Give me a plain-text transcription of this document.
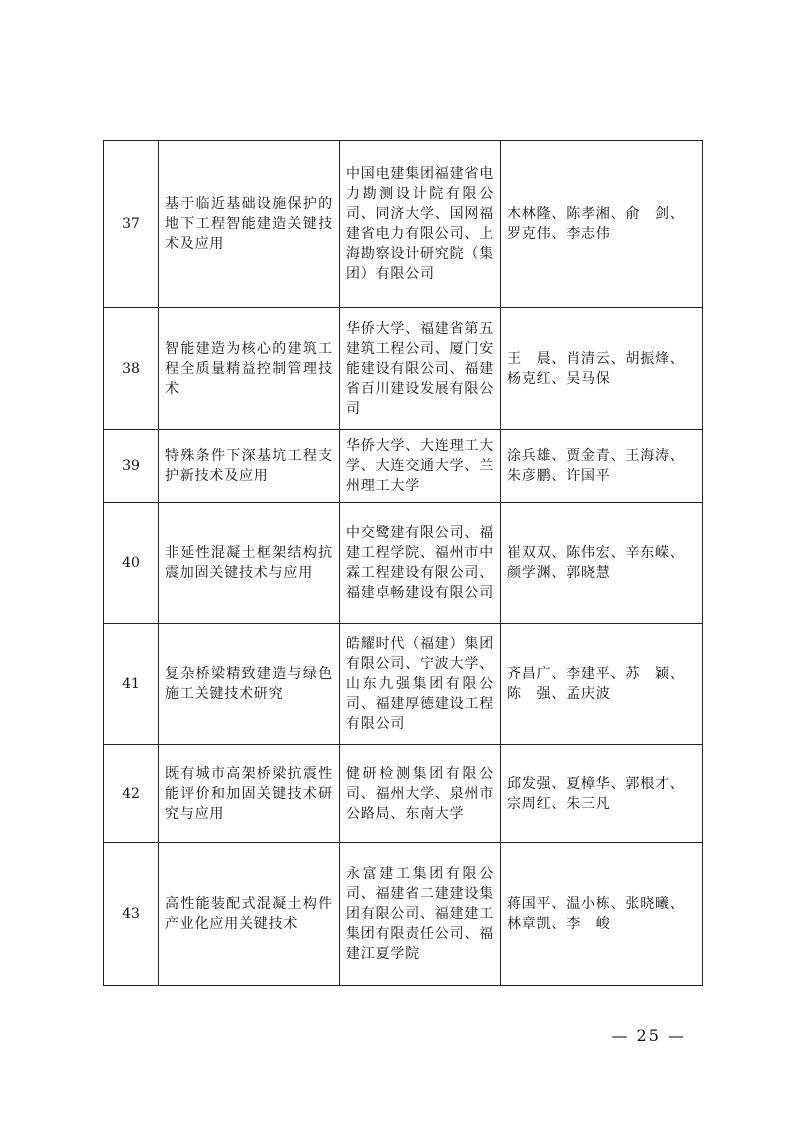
37	基于临近基础设施保护的地下工程智能建造关键技术及应用	中国电建集团福建省电力勘测设计院有限公司、同济大学、国网福建省电力有限公司、上海勘察设计研究院（集团）有限公司	木林隆、陈孝湘、俞　剑、罗克伟、李志伟
38	智能建造为核心的建筑工程全质量精益控制管理技术	华侨大学、福建省第五建筑工程公司、厦门安能建设有限公司、福建省百川建设发展有限公司	王　晨、肖清云、胡振烽、杨克红、吴马保
39	特殊条件下深基坑工程支护新技术及应用	华侨大学、大连理工大学、大连交通大学、兰州理工大学	涂兵雄、贾金青、王海涛、朱彦鹏、许国平
40	非延性混凝土框架结构抗震加固关键技术与应用	中交鹭建有限公司、福建工程学院、福州市中霖工程建设有限公司、福建卓畅建设有限公司	崔双双、陈伟宏、辛东嵘、颜学渊、郭晓慧
41	复杂桥梁精致建造与绿色施工关键技术研究	皓耀时代（福建）集团有限公司、宁波大学、山东九强集团有限公司、福建厚德建设工程有限公司	齐昌广、李建平、苏　颖、陈　强、孟庆波
42	既有城市高架桥梁抗震性能评价和加固关键技术研究与应用	健研检测集团有限公司、福州大学、泉州市公路局、东南大学	邱发强、夏樟华、郭根才、宗周红、朱三凡
43	高性能装配式混凝土构件产业化应用关键技术	永富建工集团有限公司、福建省二建建设集团有限公司、福建建工集团有限责任公司、福建江夏学院	蒋国平、温小栋、张晓曦、林章凯、李　峻
— 25 —
